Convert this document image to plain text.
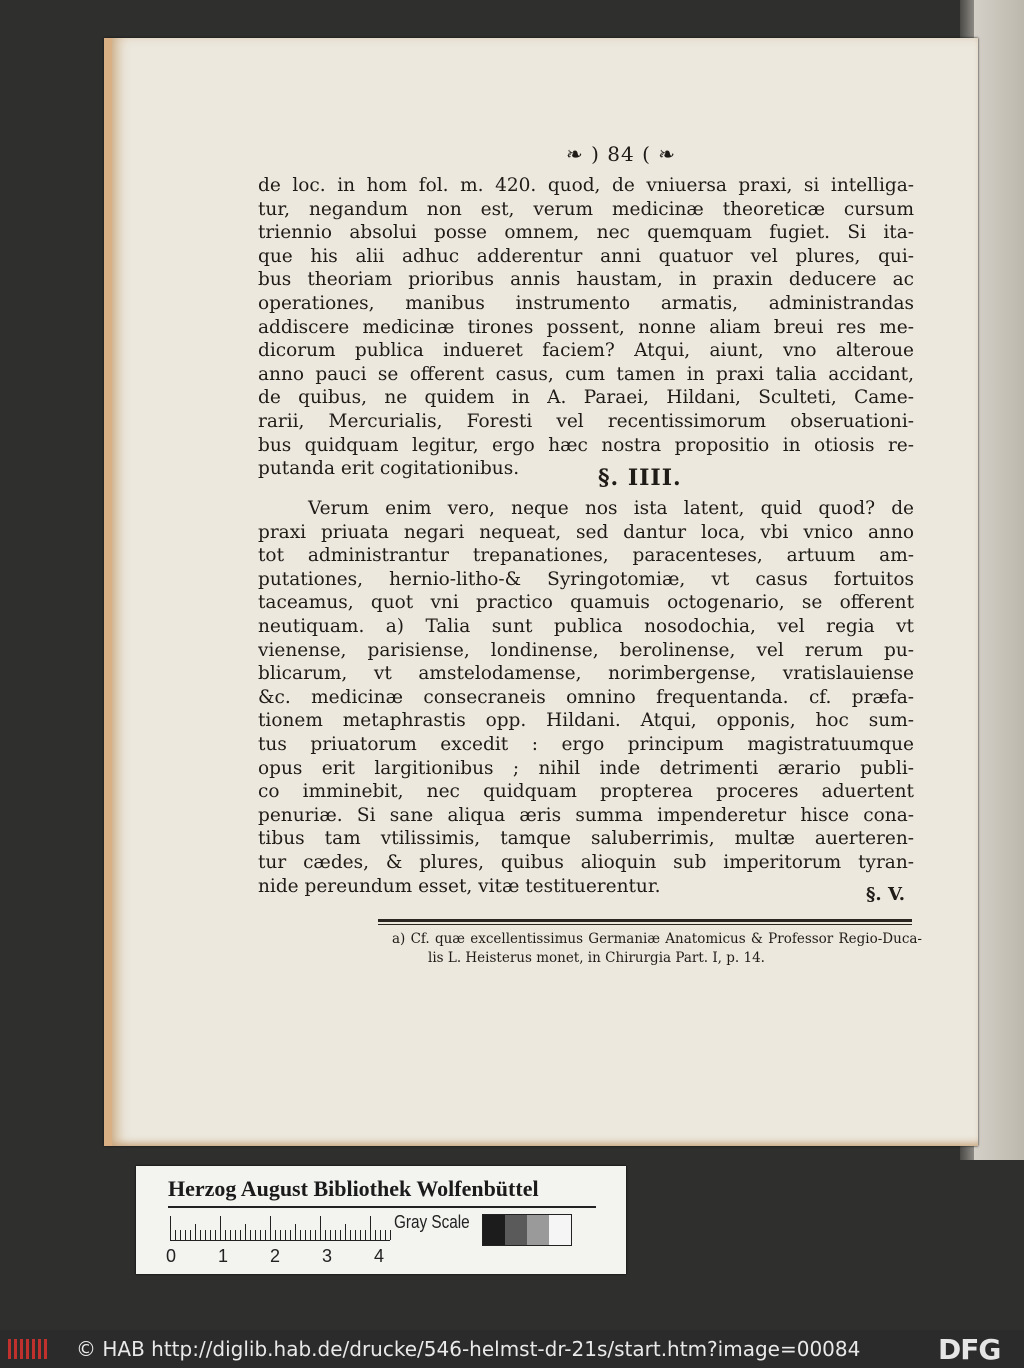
❧ ) 84 ( ❧
de loc. in hom fol. m. 420. quod, de vniuersa praxi, si intelliga-
tur, negandum non est, verum medicinæ theoreticæ cursum
triennio absolui posse omnem, nec quemquam fugiet. Si ita-
que his alii adhuc adderentur anni quatuor vel plures, qui-
bus theoriam prioribus annis haustam, in praxin deducere ac
operationes, manibus instrumento armatis, administrandas
addiscere medicinæ tirones possent, nonne aliam breui res me-
dicorum publica indueret faciem? Atqui, aiunt, vno alteroue
anno pauci se offerent casus, cum tamen in praxi talia accidant,
de quibus, ne quidem in A. Paraei, Hildani, Sculteti, Came-
rarii, Mercurialis, Foresti vel recentissimorum obseruationi-
bus quidquam legitur, ergo hæc nostra propositio in otiosis re-
putanda erit cogitationibus.	§. IIII.
Verum enim vero, neque nos ista latent, quid quod? de
praxi priuata negari nequeat, sed dantur loca, vbi vnico anno
tot administrantur trepanationes, paracenteses, artuum am-
putationes, hernio-litho-& Syringotomiæ, vt casus fortuitos
taceamus, quot vni practico quamuis octogenario, se offerent
neutiquam. a) Talia sunt publica nosodochia, vel regia vt
vienense, parisiense, londinense, berolinense, vel rerum pu-
blicarum, vt amstelodamense, norimbergense, vratislauiense
&c. medicinæ consecraneis omnino frequentanda. cf. præfa-
tionem metaphrastis opp. Hildani. Atqui, opponis, hoc sum-
tus priuatorum excedit : ergo principum magistratuumque
opus erit largitionibus ; nihil inde detrimenti ærario publi-
co imminebit, nec quidquam propterea proceres aduertent
penuriæ. Si sane aliqua æris summa impenderetur hisce cona-
tibus tam vtilissimis, tamque saluberrimis, multæ auerteren-
tur cædes, & plures, quibus alioquin sub imperitorum tyran-
nide pereundum esset, vitæ testituerentur.	§. V.
a) Cf. quæ excellentissimus Germaniæ Anatomicus & Professor Regio-Duca-
lis L. Heisterus monet, in Chirurgia Part. I, p. 14.
Herzog August Bibliothek Wolfenbüttel
0 1 2 3 4
Gray Scale
© HAB http://diglib.hab.de/drucke/546-helmst-dr-21s/start.htm?image=00084	DFG
